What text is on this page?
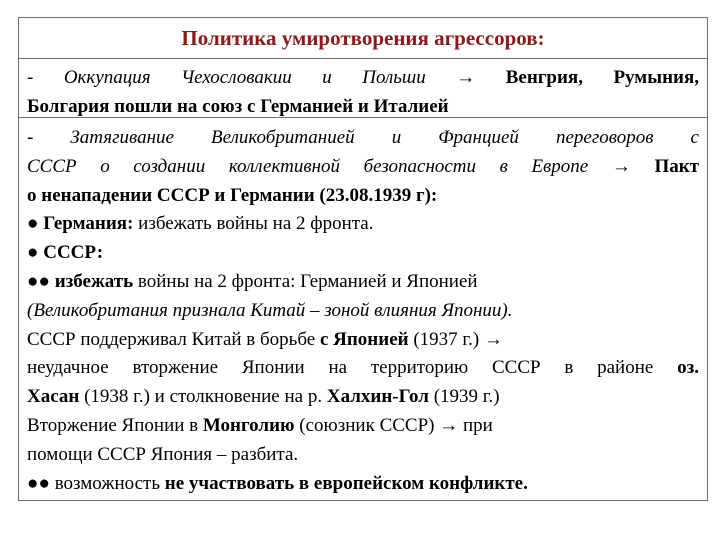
Политика умиротворения агрессоров:

- Оккупация Чехословакии и Польши → Венгрия, Румыния,

Болгария пошли на союз с Германией и Италией

- Затягивание Великобританией и Францией переговоров с

СССР о создании коллективной безопасности в Европе → Пакт

о ненападении СССР и Германии (23.08.1939 г):

● Германия: избежать войны на 2 фронта.

● СССР:

●● избежать войны на 2 фронта: Германией и Японией

(Великобритания признала Китай – зоной влияния Японии).

СССР поддерживал Китай в борьбе с Японией (1937 г.) →

неудачное вторжение Японии на территорию СССР в районе оз.

Хасан (1938 г.) и столкновение на р. Халхин-Гол (1939 г.)

Вторжение Японии в Монголию (союзник СССР) → при

помощи СССР Япония – разбита.

●● возможность не участвовать в европейском конфликте.
